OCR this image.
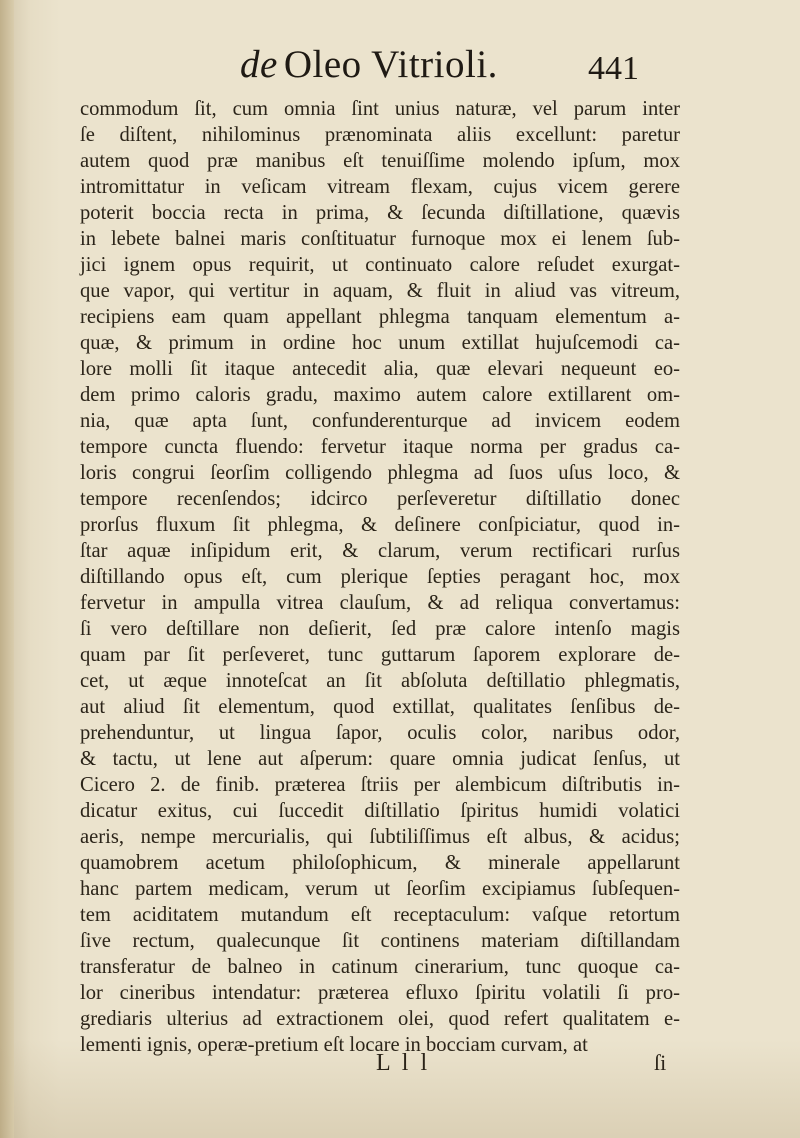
de Oleo Vitrioli.	441
commodum ſit, cum omnia ſint unius naturæ, vel parum inter
ſe diſtent, nihilominus prænominata aliis excellunt: paretur
autem quod præ manibus eſt tenuiſſime molendo ipſum, mox
intromittatur in veſicam vitream flexam, cujus vicem gerere
poterit boccia recta in prima, & ſecunda diſtillatione, quævis
in lebete balnei maris conſtituatur furnoque mox ei lenem ſub-
jici ignem opus requirit, ut continuato calore reſudet exurgat-
que vapor, qui vertitur in aquam, & fluit in aliud vas vitreum,
recipiens eam quam appellant phlegma tanquam elementum a-
quæ, & primum in ordine hoc unum extillat hujuſcemodi ca-
lore molli ſit itaque antecedit alia, quæ elevari nequeunt eo-
dem primo caloris gradu, maximo autem calore extillarent om-
nia, quæ apta ſunt, confunderenturque ad invicem eodem
tempore cuncta fluendo: fervetur itaque norma per gradus ca-
loris congrui ſeorſim colligendo phlegma ad ſuos uſus loco, &
tempore recenſendos; idcirco perſeveretur diſtillatio donec
prorſus fluxum ſit phlegma, & deſinere conſpiciatur, quod in-
ſtar aquæ inſipidum erit, & clarum, verum rectificari rurſus
diſtillando opus eſt, cum plerique ſepties peragant hoc, mox
fervetur in ampulla vitrea clauſum, & ad reliqua convertamus:
ſi vero deſtillare non deſierit, ſed præ calore intenſo magis
quam par ſit perſeveret, tunc guttarum ſaporem explorare de-
cet, ut æque innoteſcat an ſit abſoluta deſtillatio phlegmatis,
aut aliud ſit elementum, quod extillat, qualitates ſenſibus de-
prehenduntur, ut lingua ſapor, oculis color, naribus odor,
& tactu, ut lene aut aſperum: quare omnia judicat ſenſus, ut
Cicero 2. de finib. præterea ſtriis per alembicum diſtributis in-
dicatur exitus, cui ſuccedit diſtillatio ſpiritus humidi volatici
aeris, nempe mercurialis, qui ſubtiliſſimus eſt albus, & acidus;
quamobrem acetum philoſophicum, & minerale appellarunt
hanc partem medicam, verum ut ſeorſim excipiamus ſubſequen-
tem aciditatem mutandum eſt receptaculum: vaſque retortum
ſive rectum, qualecunque ſit continens materiam diſtillandam
transferatur de balneo in catinum cinerarium, tunc quoque ca-
lor cineribus intendatur: præterea efluxo ſpiritu volatili ſi pro-
grediaris ulterius ad extractionem olei, quod refert qualitatem e-
lementi ignis, operæ-pretium eſt locare in bocciam curvam, at
L l l	ſi
